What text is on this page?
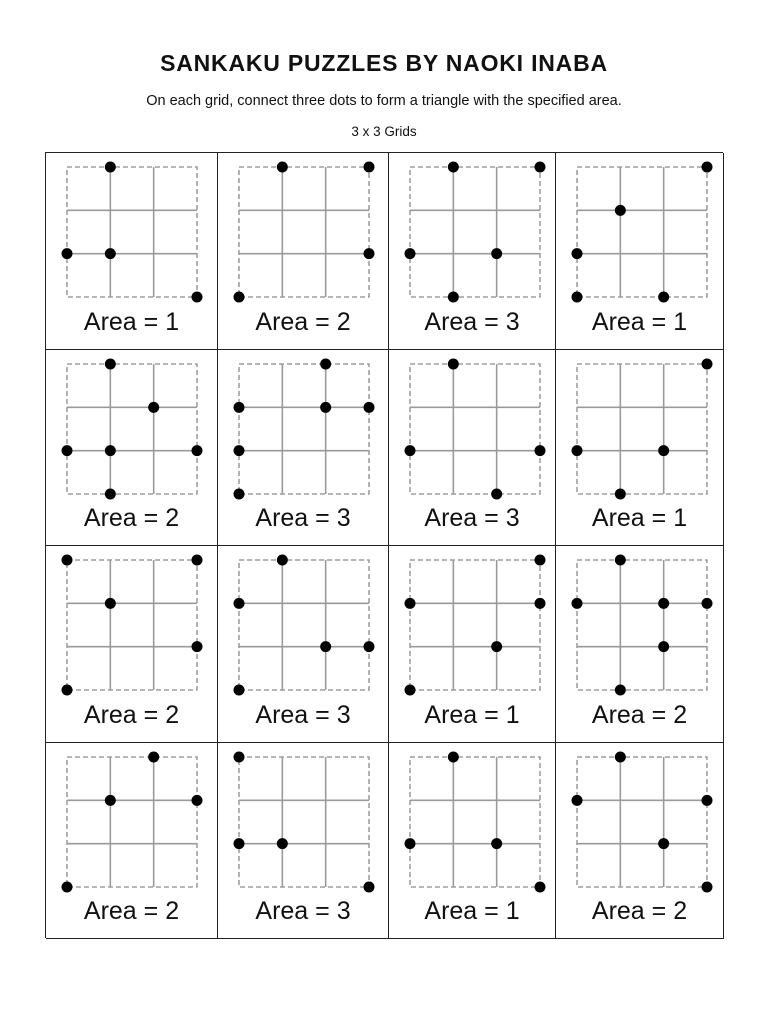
SANKAKU PUZZLES BY NAOKI INABA
On each grid, connect three dots to form a triangle with the specified area.
3 x 3 Grids
Area = 1	Area = 2	Area = 3	Area = 1
Area = 2	Area = 3	Area = 3	Area = 1
Area = 2	Area = 3	Area = 1	Area = 2
Area = 2	Area = 3	Area = 1	Area = 2
